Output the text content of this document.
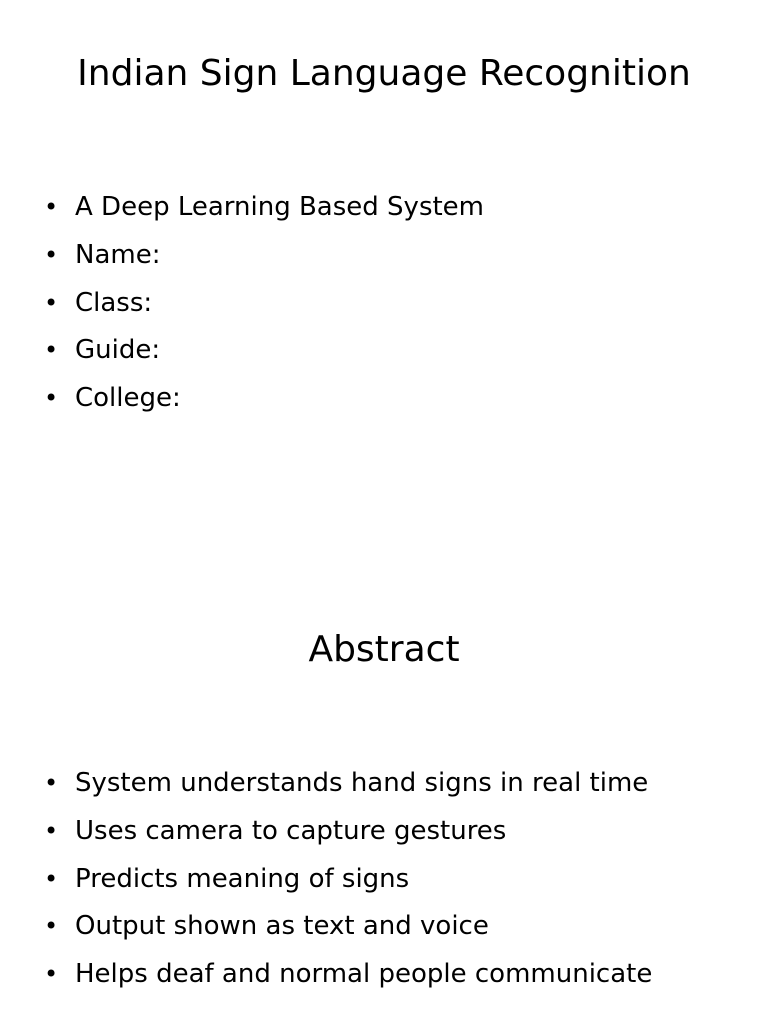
Indian Sign Language Recognition
• A Deep Learning Based System
• Name:
• Class:
• Guide:
• College:
Abstract
• System understands hand signs in real time
• Uses camera to capture gestures
• Predicts meaning of signs
• Output shown as text and voice
• Helps deaf and normal people communicate
